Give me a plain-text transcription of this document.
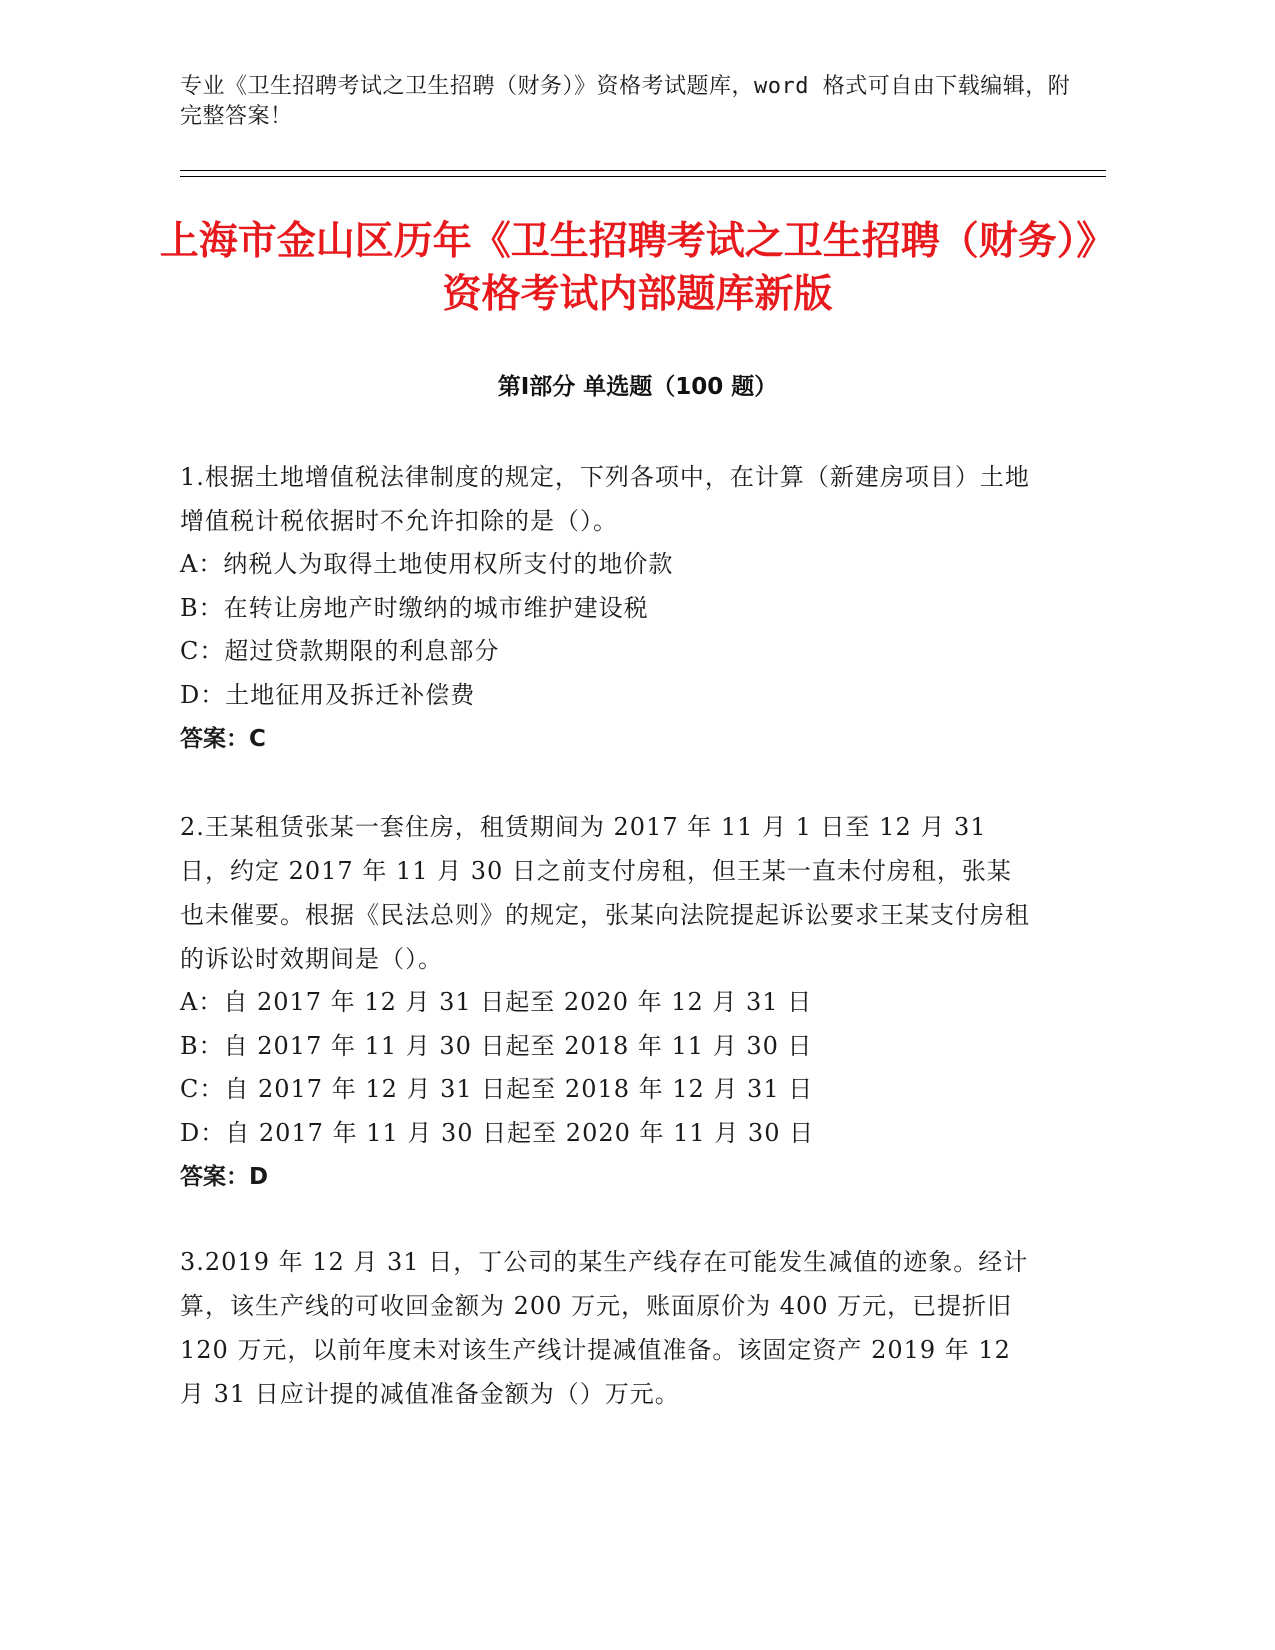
专业《卫生招聘考试之卫生招聘（财务）》资格考试题库，word 格式可自由下载编辑，附完整答案！
上海市金山区历年《卫生招聘考试之卫生招聘（财务）》资格考试内部题库新版
第Ⅰ部分 单选题（100 题）

1.根据土地增值税法律制度的规定，下列各项中，在计算（新建房项目）土地增值税计税依据时不允许扣除的是（）。

A：纳税人为取得土地使用权所支付的地价款

B：在转让房地产时缴纳的城市维护建设税

C：超过贷款期限的利息部分

D：土地征用及拆迁补偿费

答案：C

2.王某租赁张某一套住房，租赁期间为 2017 年 11 月 1 日至 12 月 31 日，约定 2017 年 11 月 30 日之前支付房租，但王某一直未付房租，张某也未催要。根据《民法总则》的规定，张某向法院提起诉讼要求王某支付房租的诉讼时效期间是（）。

A：自 2017 年 12 月 31 日起至 2020 年 12 月 31 日

B：自 2017 年 11 月 30 日起至 2018 年 11 月 30 日

C：自 2017 年 12 月 31 日起至 2018 年 12 月 31 日

D：自 2017 年 11 月 30 日起至 2020 年 11 月 30 日

答案：D

3.2019 年 12 月 31 日，丁公司的某生产线存在可能发生减值的迹象。经计算，该生产线的可收回金额为 200 万元，账面原价为 400 万元，已提折旧 120 万元，以前年度未对该生产线计提减值准备。该固定资产 2019 年 12 月 31 日应计提的减值准备金额为（）万元。
